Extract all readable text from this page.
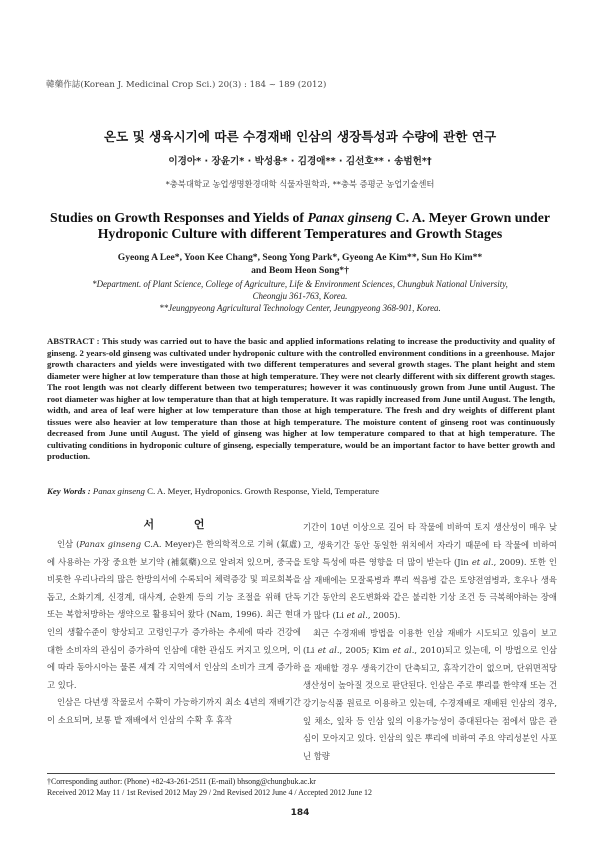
韓藥作誌(Korean J. Medicinal Crop Sci.) 20(3) : 184 ~ 189 (2012)
온도 및 생육시기에 따른 수경재배 인삼의 생장특성과 수량에 관한 연구
이경아* · 장윤기* · 박성용* · 김경애** · 김선호** · 송범헌*†
*충북대학교 농업생명환경대학 식물자원학과, **충북 증평군 농업기술센터
Studies on Growth Responses and Yields of Panax ginseng C. A. Meyer Grown under Hydroponic Culture with different Temperatures and Growth Stages
Gyeong A Lee*, Yoon Kee Chang*, Seong Yong Park*, Gyeong Ae Kim**, Sun Ho Kim**
and Beom Heon Song*†
*Department. of Plant Science, College of Agriculture, Life & Environment Sciences, Chungbuk National University,
Cheongju 361-763, Korea.
**Jeungpyeong Agricultural Technology Center, Jeungpyeong 368-901, Korea.
ABSTRACT : This study was carried out to have the basic and applied informations relating to increase the productivity and quality of ginseng. 2 years-old ginseng was cultivated under hydroponic culture with the controlled environment conditions in a greenhouse. Major growth characters and yields were investigated with two different temperatures and several growth stages. The plant height and stem diameter were higher at low temperature than those at high temperature. They were not clearly different with six different growth stages. The root length was not clearly different between two temperatures; however it was continuously grown from June until August. The root diameter was higher at low temperature than that at high temperature. It was rapidly increased from June until August. The length, width, and area of leaf were higher at low temperature than those at high temperature. The fresh and dry weights of different plant tissues were also heavier at low temperature than those at high temperature. The moisture content of ginseng root was continuously decreased from June until August. The yield of ginseng was higher at low temperature compared to that at high temperature. The cultivating conditions in hydroponic culture of ginseng, especially temperature, would be an important factor to have better growth and production.
Key Words : Panax ginseng C. A. Meyer, Hydroponics. Growth Response, Yield, Temperature
서 언

인삼 (Panax ginseng C.A. Meyer)은 한의학적으로 기혀 (氣虛)에 사용하는 가장 중요한 보기약 (補氣藥)으로 알려져 있으며, 중국을 비롯한 우리나라의 많은 한방의서에 수록되어 체력증강 및 피로회복을 돕고, 소화기계, 신경계, 대사계, 순환계 등의 기능 조절을 위해 단독 또는 복합처방하는 생약으로 활용되어 왔다 (Nam, 1996). 최근 현대인의 생활수준이 향상되고 고령인구가 증가하는 추세에 따라 건강에 대한 소비자의 관심이 증가하여 인삼에 대한 관심도 커지고 있으며, 이에 따라 동아시아는 물론 세계 각 지역에서 인삼의 소비가 크게 증가하고 있다.

인삼은 다년생 작물로서 수확이 가능하기까지 최소 4년의 재배기간이 소요되며, 보통 밭 재배에서 인삼의 수확 후 휴작

기간이 10년 이상으로 길어 타 작물에 비하여 토지 생산성이 매우 낮고, 생육기간 동안 동일한 위치에서 자라기 때문에 타 작물에 비하여 토양 특성에 따른 영향을 더 많이 받는다 (Jin et al., 2009). 또한 인삼 재배에는 모잘록병과 뿌리 썩음병 같은 토양전염병과, 호우나 생육기간 동안의 온도변화와 같은 불리한 기상 조건 등 극복해야하는 장애가 많다 (Li et al., 2005).

최근 수경재배 방법을 이용한 인삼 재배가 시도되고 있음이 보고 (Li et al., 2005; Kim et al., 2010)되고 있는데, 이 방법으로 인삼을 재배할 경우 생육기간이 단축되고, 휴작기간이 없으며, 단위면적당 생산성이 높아질 것으로 판단된다. 인삼은 주로 뿌리를 한약재 또는 건강기능식품 원료로 이용하고 있는데, 수경재배로 재배된 인삼의 경우, 잎 채소, 잎차 등 인삼 잎의 이용가능성이 증대된다는 점에서 많은 관심이 모아지고 있다. 인삼의 잎은 뿌리에 비하여 주요 약리성분인 사포닌 함량

†Corresponding author: (Phone) +82-43-261-2511 (E-mail) bhsong@chungbuk.ac.kr
Received 2012 May 11 / 1st Revised 2012 May 29 / 2nd Revised 2012 June 4 / Accepted 2012 June 12
184
